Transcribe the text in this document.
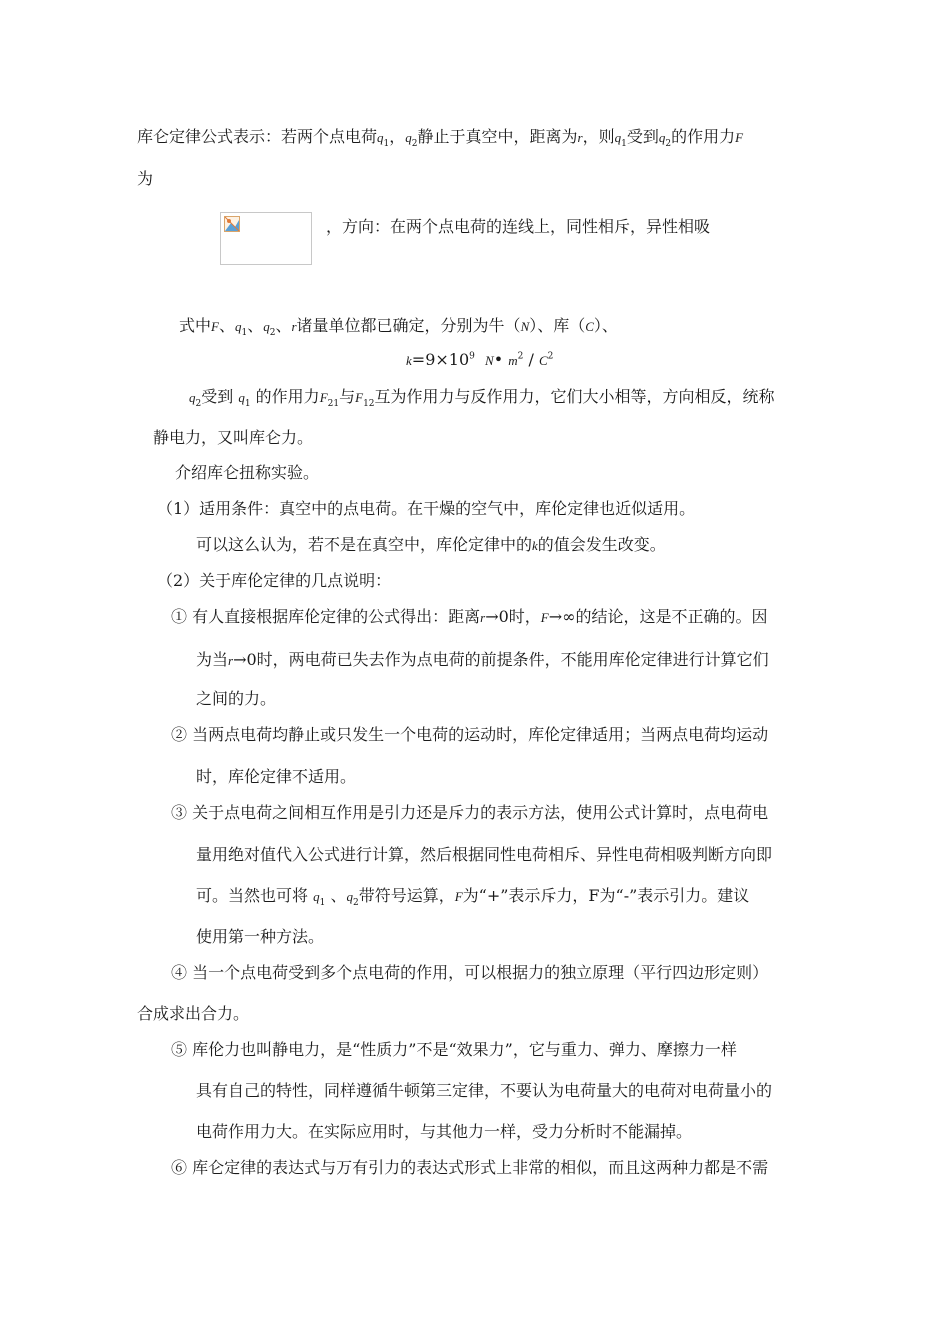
库仑定律公式表示：若两个点电荷$q_1$，$q_2$静止于真空中，距离为r，则$q_1$受到$q_2$的作用力F
为
，方向：在两个点电荷的连线上，同性相斥，异性相吸
式中F、$q_1$、$q_2$、r诸量单位都已确定，分别为牛（N）、库（C）、
$k=9\times 10^9$ N• $m^2 / C^2$
$q_2$受到 $q_1$ 的作用力$F_{21}$与$F_{12}$互为作用力与反作用力，它们大小相等，方向相反，统称
静电力，又叫库仑力。
介绍库仑扭称实验。
（1）适用条件：真空中的点电荷。在干燥的空气中，库伦定律也近似适用。
可以这么认为，若不是在真空中，库伦定律中的k的值会发生改变。
（2）关于库伦定律的几点说明：
① 有人直接根据库伦定律的公式得出：距离r→0时，F→∞的结论，这是不正确的。因
为当r→0时，两电荷已失去作为点电荷的前提条件，不能用库伦定律进行计算它们
之间的力。
② 当两点电荷均静止或只发生一个电荷的运动时，库伦定律适用；当两点电荷均运动
时，库伦定律不适用。
③ 关于点电荷之间相互作用是引力还是斥力的表示方法，使用公式计算时，点电荷电
量用绝对值代入公式进行计算，然后根据同性电荷相斥、异性电荷相吸判断方向即
可。当然也可将 $q_1$ 、$q_2$带符号运算，F为“+”表示斥力，F为“-”表示引力。建议
使用第一种方法。
④ 当一个点电荷受到多个点电荷的作用，可以根据力的独立原理（平行四边形定则）
合成求出合力。
⑤ 库伦力也叫静电力，是“性质力”不是“效果力”，它与重力、弹力、摩擦力一样
具有自己的特性，同样遵循牛顿第三定律，不要认为电荷量大的电荷对电荷量小的
电荷作用力大。在实际应用时，与其他力一样，受力分析时不能漏掉。
⑥ 库仑定律的表达式与万有引力的表达式形式上非常的相似，而且这两种力都是不需
